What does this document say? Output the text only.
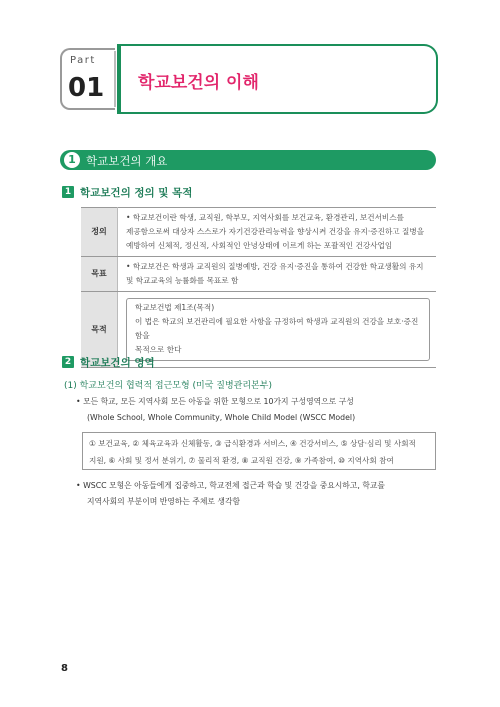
Part
01 학교보건의 이해
1 학교보건의 개요
1 학교보건의 정의 및 목적
정의	• 학교보건이란 학생, 교직원, 학부모, 지역사회를 보건교육, 환경관리, 보건서비스를
제공함으로써 대상자 스스로가 자기건강관리능력을 향상시켜 건강을 유지·증진하고 질병을
예방하여 신체적, 정신적, 사회적인 안녕상태에 이르게 하는 포괄적인 건강사업임

목표	• 학교보건은 학생과 교직원의 질병예방, 건강 유지·증진을 통하여 건강한 학교생활의 유지
및 학교교육의 능률화를 목표로 함

목적	학교보건법 제1조(목적)
이 법은 학교의 보건관리에 필요한 사항을 규정하여 학생과 교직원의 건강을 보호·증진함을
목적으로 한다
2 학교보건의 영역
(1) 학교보건의 협력적 접근모형 (미국 질병관리본부)
• 모든 학교, 모든 지역사회 모든 아동을 위한 모형으로 10가지 구성영역으로 구성
(Whole School, Whole Community, Whole Child Model (WSCC Model)
① 보건교육, ② 체육교육과 신체활동, ③ 급식환경과 서비스, ④ 건강서비스, ⑤ 상담·심리 및 사회적
지원, ⑥ 사회 및 정서 분위기, ⑦ 물리적 환경, ⑧ 교직원 건강, ⑨ 가족참여, ⑩ 지역사회 참여
• WSCC 모형은 아동들에게 집중하고, 학교전체 접근과 학습 및 건강을 중요시하고, 학교를
지역사회의 부분이며 반영하는 주체로 생각함
8
